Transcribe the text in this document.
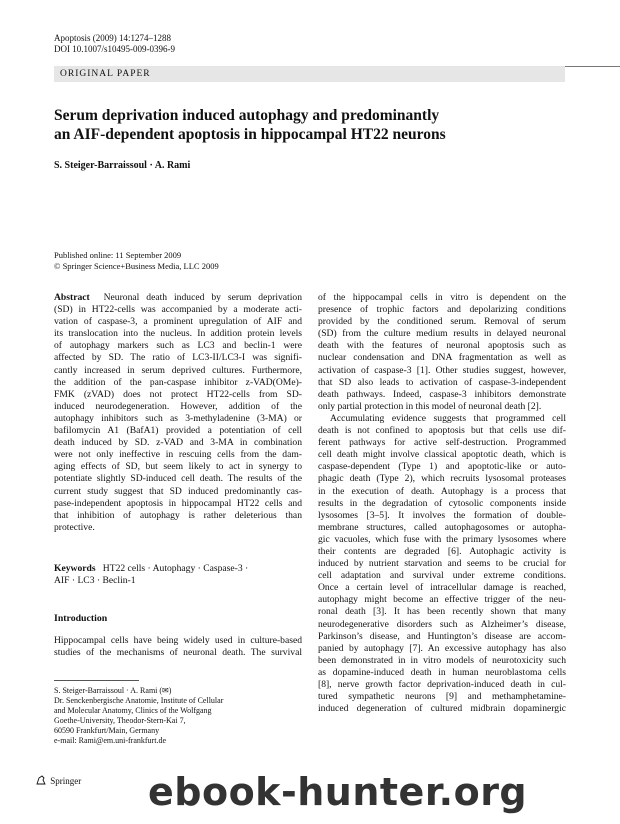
Apoptosis (2009) 14:1274–1288
DOI 10.1007/s10495-009-0396-9
ORIGINAL PAPER
Serum deprivation induced autophagy and predominantly
an AIF-dependent apoptosis in hippocampal HT22 neurons
S. Steiger-Barraissoul · A. Rami
Published online: 11 September 2009
© Springer Science+Business Media, LLC 2009
Abstract  Neuronal death induced by serum deprivation
(SD) in HT22-cells was accompanied by a moderate acti-
vation of caspase-3, a prominent upregulation of AIF and
its translocation into the nucleus. In addition protein levels
of autophagy markers such as LC3 and beclin-1 were
affected by SD. The ratio of LC3-II/LC3-I was signifi-
cantly increased in serum deprived cultures. Furthermore,
the addition of the pan-caspase inhibitor z-VAD(OMe)-
FMK (zVAD) does not protect HT22-cells from SD-
induced neurodegeneration. However, addition of the
autophagy inhibitors such as 3-methyladenine (3-MA) or
bafilomycin A1 (BafA1) provided a potentiation of cell
death induced by SD. z-VAD and 3-MA in combination
were not only ineffective in rescuing cells from the dam-
aging effects of SD, but seem likely to act in synergy to
potentiate slightly SD-induced cell death. The results of the
current study suggest that SD induced predominantly cas-
pase-independent apoptosis in hippocampal HT22 cells and
that inhibition of autophagy is rather deleterious than
protective.
Keywords HT22 cells · Autophagy · Caspase-3 ·
AIF · LC3 · Beclin-1
Introduction
Hippocampal cells have being widely used in culture-based
studies of the mechanisms of neuronal death. The survival
S. Steiger-Barraissoul · A. Rami (✉)
Dr. Senckenbergische Anatomie, Institute of Cellular
and Molecular Anatomy, Clinics of the Wolfgang
Goethe-University, Theodor-Stern-Kai 7,
60590 Frankfurt/Main, Germany
e-mail: Rami@em.uni-frankfurt.de
of the hippocampal cells in vitro is dependent on the
presence of trophic factors and depolarizing conditions
provided by the conditioned serum. Removal of serum
(SD) from the culture medium results in delayed neuronal
death with the features of neuronal apoptosis such as
nuclear condensation and DNA fragmentation as well as
activation of caspase-3 [1]. Other studies suggest, however,
that SD also leads to activation of caspase-3-independent
death pathways. Indeed, caspase-3 inhibitors demonstrate
only partial protection in this model of neuronal death [2].
Accumulating evidence suggests that programmed cell
death is not confined to apoptosis but that cells use dif-
ferent pathways for active self-destruction. Programmed
cell death might involve classical apoptotic death, which is
caspase-dependent (Type 1) and apoptotic-like or auto-
phagic death (Type 2), which recruits lysosomal proteases
in the execution of death. Autophagy is a process that
results in the degradation of cytosolic components inside
lysosomes [3–5]. It involves the formation of double-
membrane structures, called autophagosomes or autopha-
gic vacuoles, which fuse with the primary lysosomes where
their contents are degraded [6]. Autophagic activity is
induced by nutrient starvation and seems to be crucial for
cell adaptation and survival under extreme conditions.
Once a certain level of intracellular damage is reached,
autophagy might become an effective trigger of the neu-
ronal death [3]. It has been recently shown that many
neurodegenerative disorders such as Alzheimer’s disease,
Parkinson’s disease, and Huntington’s disease are accom-
panied by autophagy [7]. An excessive autophagy has also
been demonstrated in in vitro models of neurotoxicity such
as dopamine-induced death in human neuroblastoma cells
[8], nerve growth factor deprivation-induced death in cul-
tured sympathetic neurons [9] and methamphetamine-
induced degeneration of cultured midbrain dopaminergic
Springer ebook-hunter.org
